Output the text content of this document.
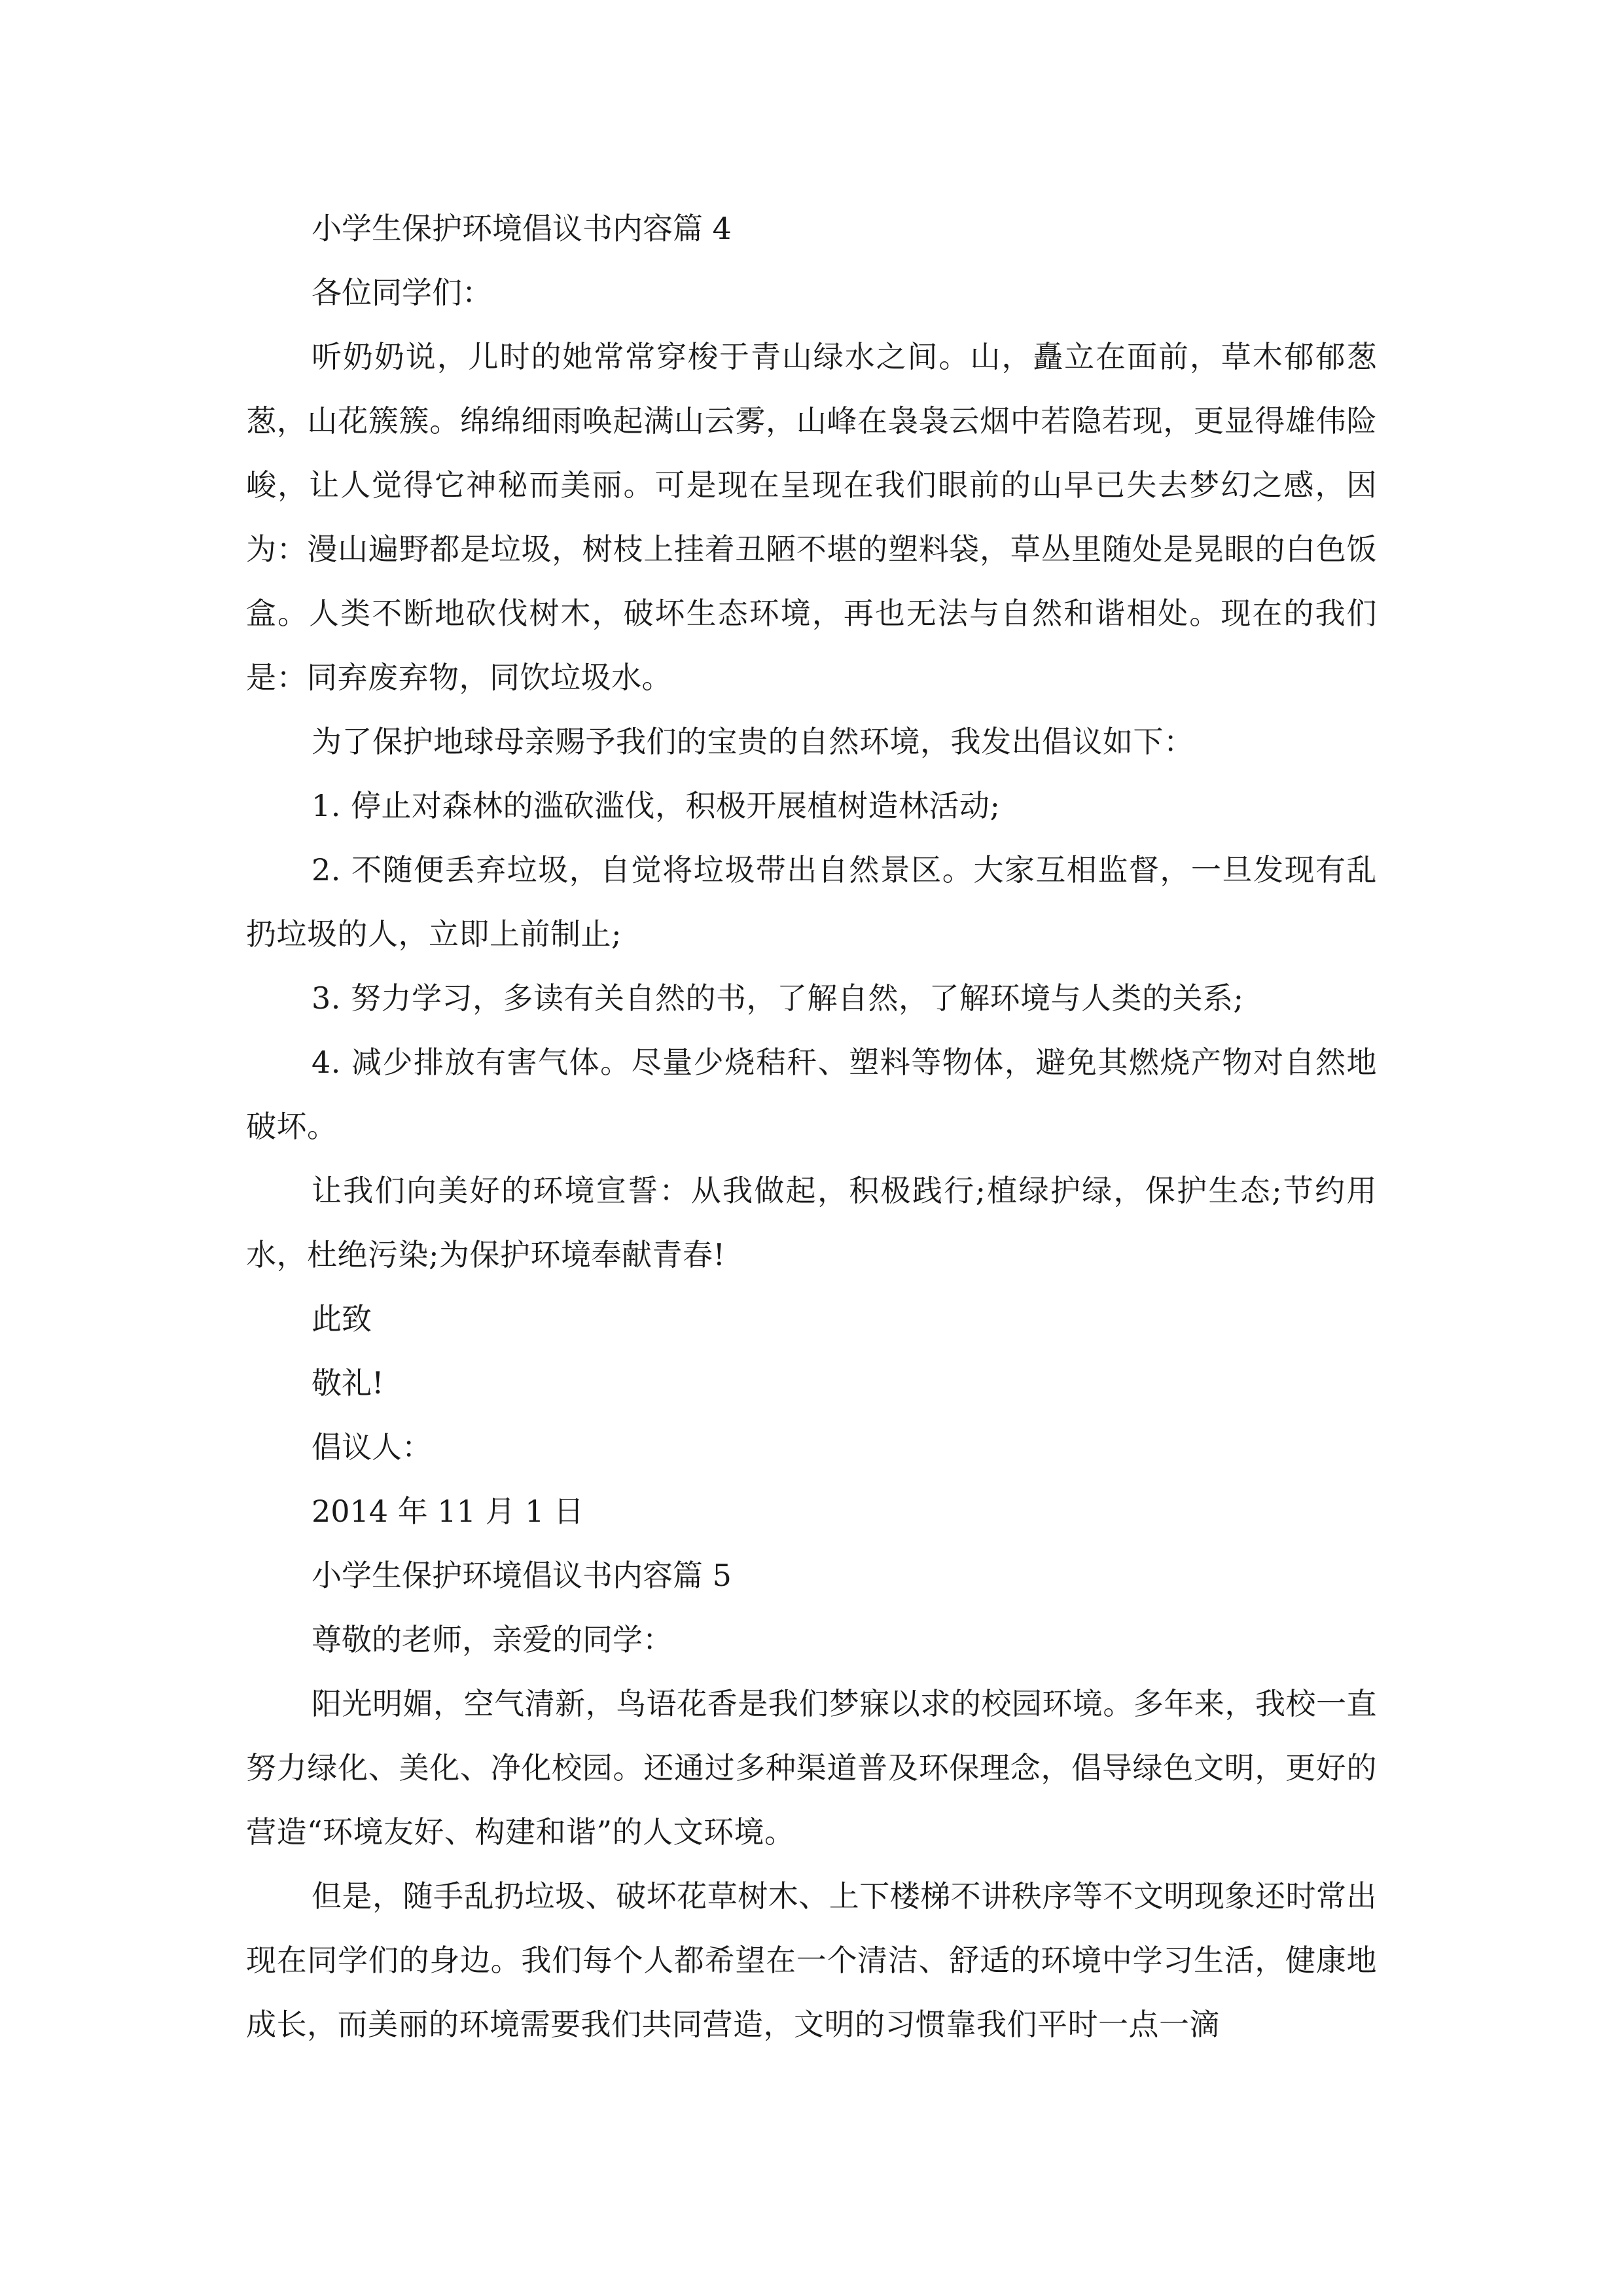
小学生保护环境倡议书内容篇 4

各位同学们：

听奶奶说，儿时的她常常穿梭于青山绿水之间。山，矗立在面前，草木郁郁葱葱，山花簇簇。绵绵细雨唤起满山云雾，山峰在袅袅云烟中若隐若现，更显得雄伟险峻，让人觉得它神秘而美丽。可是现在呈现在我们眼前的山早已失去梦幻之感，因为：漫山遍野都是垃圾，树枝上挂着丑陋不堪的塑料袋，草丛里随处是晃眼的白色饭盒。人类不断地砍伐树木，破坏生态环境，再也无法与自然和谐相处。现在的我们是：同弃废弃物，同饮垃圾水。

为了保护地球母亲赐予我们的宝贵的自然环境，我发出倡议如下：

1. 停止对森林的滥砍滥伐，积极开展植树造林活动;

2. 不随便丢弃垃圾，自觉将垃圾带出自然景区。大家互相监督，一旦发现有乱扔垃圾的人，立即上前制止;

3. 努力学习，多读有关自然的书，了解自然，了解环境与人类的关系;

4. 减少排放有害气体。尽量少烧秸秆、塑料等物体，避免其燃烧产物对自然地破坏。

让我们向美好的环境宣誓：从我做起，积极践行;植绿护绿，保护生态;节约用水，杜绝污染;为保护环境奉献青春!

此致

敬礼!

倡议人：

2014 年 11 月 1 日

小学生保护环境倡议书内容篇 5

尊敬的老师，亲爱的同学：

阳光明媚，空气清新，鸟语花香是我们梦寐以求的校园环境。多年来，我校一直努力绿化、美化、净化校园。还通过多种渠道普及环保理念，倡导绿色文明，更好的营造“环境友好、构建和谐”的人文环境。

但是，随手乱扔垃圾、破坏花草树木、上下楼梯不讲秩序等不文明现象还时常出现在同学们的身边。我们每个人都希望在一个清洁、舒适的环境中学习生活，健康地成长，而美丽的环境需要我们共同营造，文明的习惯靠我们平时一点一滴
